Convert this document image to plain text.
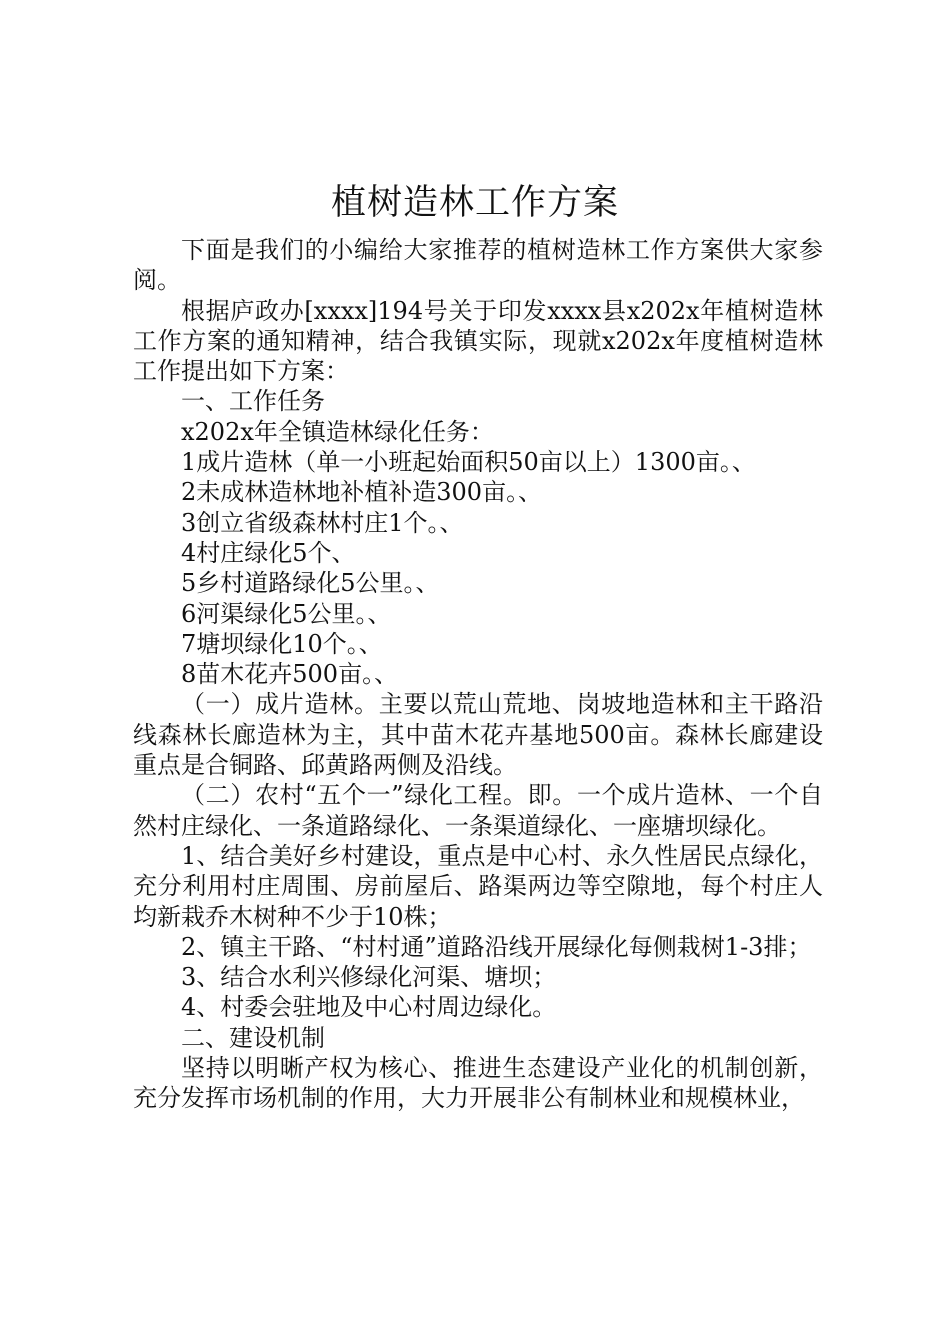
植树造林工作方案

下面是我们的小编给大家推荐的植树造林工作方案供大家参阅。

根据庐政办[xxxx]194号关于印发xxxx县x202x年植树造林工作方案的通知精神，结合我镇实际，现就x202x年度植树造林工作提出如下方案：

一、工作任务

x202x年全镇造林绿化任务：

1成片造林（单一小班起始面积50亩以上）1300亩。、

2未成林造林地补植补造300亩。、

3创立省级森林村庄1个。、

4村庄绿化5个、

5乡村道路绿化5公里。、

6河渠绿化5公里。、

7塘坝绿化10个。、

8苗木花卉500亩。、

（一）成片造林。主要以荒山荒地、岗坡地造林和主干路沿线森林长廊造林为主，其中苗木花卉基地500亩。森林长廊建设重点是合铜路、邱黄路两侧及沿线。

（二）农村“五个一”绿化工程。即。一个成片造林、一个自然村庄绿化、一条道路绿化、一条渠道绿化、一座塘坝绿化。

1、结合美好乡村建设，重点是中心村、永久性居民点绿化，充分利用村庄周围、房前屋后、路渠两边等空隙地，每个村庄人均新栽乔木树种不少于10株；

2、镇主干路、“村村通”道路沿线开展绿化每侧栽树1-3排；

3、结合水利兴修绿化河渠、塘坝；

4、村委会驻地及中心村周边绿化。

二、建设机制

坚持以明晰产权为核心、推进生态建设产业化的机制创新，充分发挥市场机制的作用，大力开展非公有制林业和规模林业，
